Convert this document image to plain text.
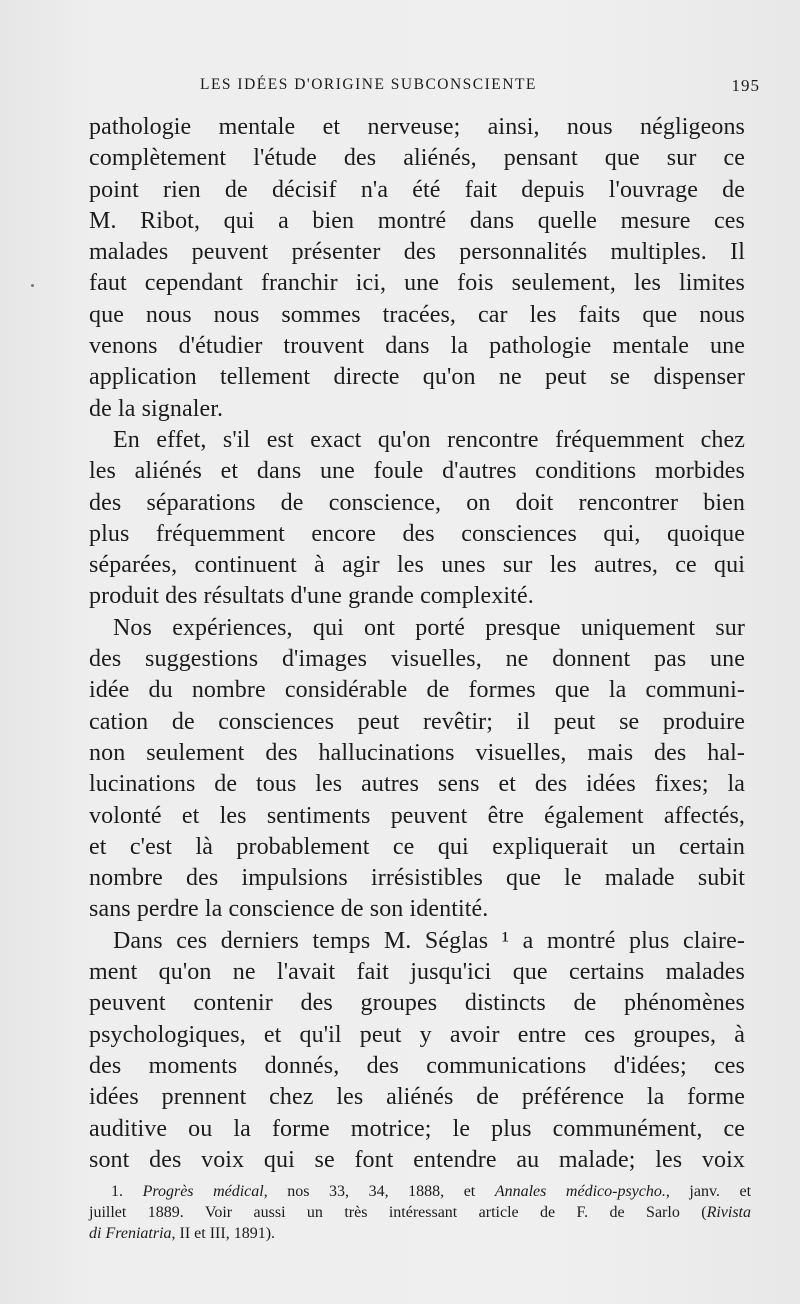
LES IDÉES D'ORIGINE SUBCONSCIENTE	195
pathologie mentale et nerveuse; ainsi, nous négligeons
complètement l'étude des aliénés, pensant que sur ce
point rien de décisif n'a été fait depuis l'ouvrage de
M. Ribot, qui a bien montré dans quelle mesure ces
malades peuvent présenter des personnalités multiples. Il
faut cependant franchir ici, une fois seulement, les limites
que nous nous sommes tracées, car les faits que nous
venons d'étudier trouvent dans la pathologie mentale une
application tellement directe qu'on ne peut se dispenser
de la signaler.
En effet, s'il est exact qu'on rencontre fréquemment chez
les aliénés et dans une foule d'autres conditions morbides
des séparations de conscience, on doit rencontrer bien
plus fréquemment encore des consciences qui, quoique
séparées, continuent à agir les unes sur les autres, ce qui
produit des résultats d'une grande complexité.
Nos expériences, qui ont porté presque uniquement sur
des suggestions d'images visuelles, ne donnent pas une
idée du nombre considérable de formes que la communi-
cation de consciences peut revêtir; il peut se produire
non seulement des hallucinations visuelles, mais des hal-
lucinations de tous les autres sens et des idées fixes; la
volonté et les sentiments peuvent être également affectés,
et c'est là probablement ce qui expliquerait un certain
nombre des impulsions irrésistibles que le malade subit
sans perdre la conscience de son identité.
Dans ces derniers temps M. Séglas ¹ a montré plus claire-
ment qu'on ne l'avait fait jusqu'ici que certains malades
peuvent contenir des groupes distincts de phénomènes
psychologiques, et qu'il peut y avoir entre ces groupes, à
des moments donnés, des communications d'idées; ces
idées prennent chez les aliénés de préférence la forme
auditive ou la forme motrice; le plus communément, ce
sont des voix qui se font entendre au malade; les voix
1. Progrès médical, nos 33, 34, 1888, et Annales médico-psycho., janv. et
juillet 1889. Voir aussi un très intéressant article de F. de Sarlo (Rivista
di Freniatria, II et III, 1891).
